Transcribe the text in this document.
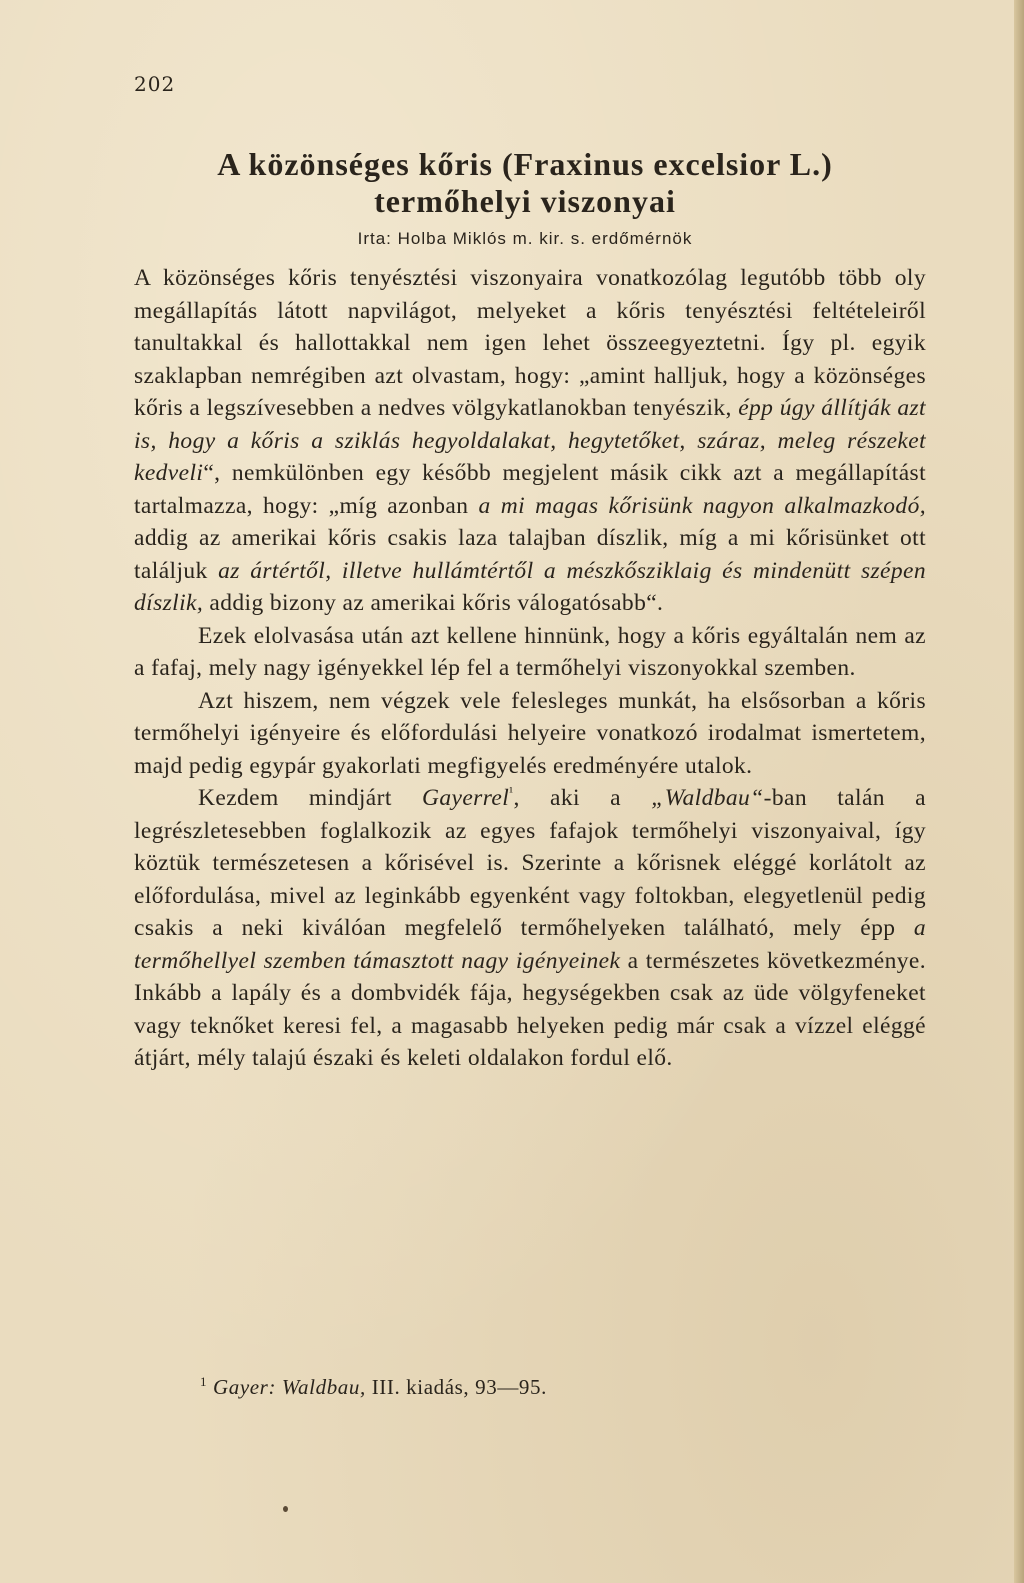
202
A közönséges kőris (Fraxinus excelsior L.)
termőhelyi viszonyai
Irta: Holba Miklós m. kir. s. erdőmérnök

A közönséges kőris tenyésztési viszonyaira vonatkozólag legutóbb több oly megállapítás látott napvilágot, melyeket a kőris tenyésztési feltételeiről tanultakkal és hallottakkal nem igen lehet összeegyeztetni. Így pl. egyik szaklapban nemrégiben azt olvastam, hogy: „amint halljuk, hogy a közönséges kőris a legszívesebben a nedves völgykatlanokban tenyészik, épp úgy állítják azt is, hogy a kőris a sziklás hegyoldalakat, hegytetőket, száraz, meleg részeket kedveli“, nemkülönben egy később megjelent másik cikk azt a megállapítást tartalmazza, hogy: „míg azonban a mi magas kőrisünk nagyon alkalmazkodó, addig az amerikai kőris csakis laza talajban díszlik, míg a mi kőrisünket ott találjuk az ártértől, illetve hullámtértől a mészkősziklaig és mindenütt szépen díszlik, addig bizony az amerikai kőris válogatósabb“.

Ezek elolvasása után azt kellene hinnünk, hogy a kőris egyáltalán nem az a fafaj, mely nagy igényekkel lép fel a termőhelyi viszonyokkal szemben.

Azt hiszem, nem végzek vele felesleges munkát, ha elsősorban a kőris termőhelyi igényeire és előfordulási helyeire vonatkozó irodalmat ismertetem, majd pedig egypár gyakorlati megfigyelés eredményére utalok.

Kezdem mindjárt Gayerrel$^{^1}$, aki a „Waldbau“-ban talán a legrészletesebben foglalkozik az egyes fafajok termőhelyi viszonyaival, így köztük természetesen a kőrisével is. Szerinte a kőrisnek eléggé korlátolt az előfordulása, mivel az leginkább egyenként vagy foltokban, elegyetlenül pedig csakis a neki kiválóan megfelelő termőhelyeken található, mely épp a termőhellyel szemben támasztott nagy igényeinek a természetes következménye. Inkább a lapály és a dombvidék fája, hegységekben csak az üde völgyfeneket vagy teknőket keresi fel, a magasabb helyeken pedig már csak a vízzel eléggé átjárt, mély talajú északi és keleti oldalakon fordul elő.

$^1$ Gayer: Waldbau, III. kiadás, 93—95.
